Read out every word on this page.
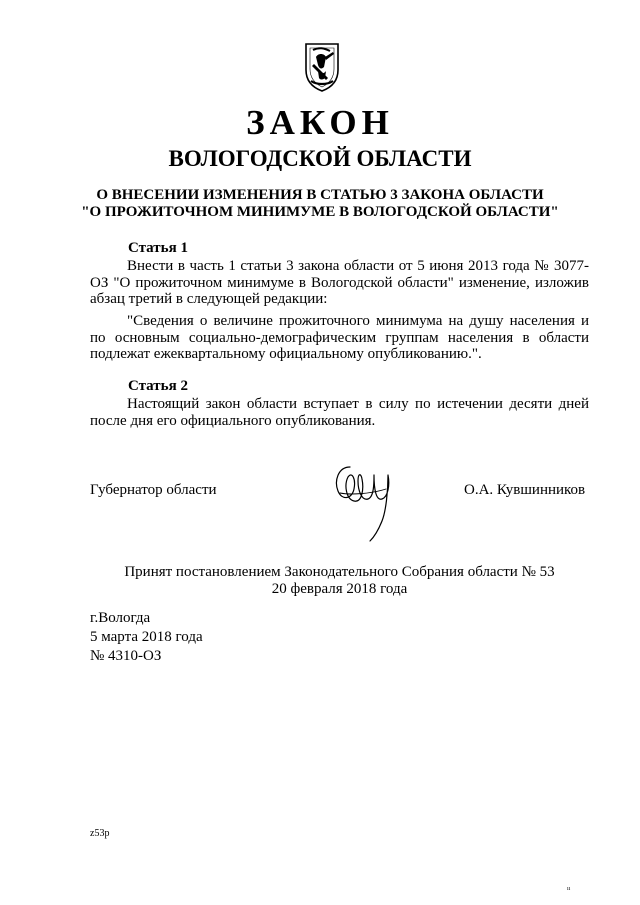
ЗАКОН
ВОЛОГОДСКОЙ ОБЛАСТИ
О ВНЕСЕНИИ ИЗМЕНЕНИЯ В СТАТЬЮ 3 ЗАКОНА ОБЛАСТИ
"О ПРОЖИТОЧНОМ МИНИМУМЕ В ВОЛОГОДСКОЙ ОБЛАСТИ"
Статья 1
Внести в часть 1 статьи 3 закона области от 5 июня 2013 года № 3077-ОЗ "О прожиточном минимуме в Вологодской области" изменение, изложив абзац третий в следующей редакции:
"Сведения о величине прожиточного минимума на душу населения и по основным социально-демографическим группам населения в области подлежат ежеквартальному официальному опубликованию.".
Статья 2
Настоящий закон области вступает в силу по истечении десяти дней после дня его официального опубликования.
Губернатор области	О.А. Кувшинников
Принят постановлением Законодательного Собрания области № 53
20 февраля 2018 года
г.Вологда
5 марта 2018 года
№ 4310-ОЗ
z53p
ıı
